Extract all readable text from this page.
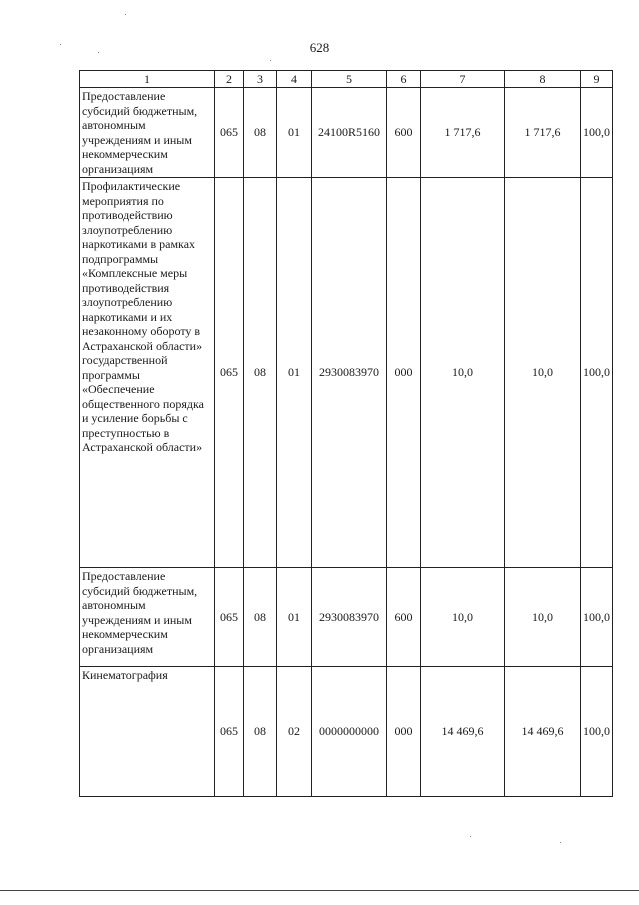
628
1	2	3	4	5	6	7	8	9
Предоставление субсидий бюджетным, автономным учреждениям и иным некоммерческим организациям	065	08	01	24100R5160	600	1 717,6	1 717,6	100,0
Профилактические мероприятия по противодействию злоупотреблению наркотиками в рамках подпрограммы «Комплексные меры противодействия злоупотреблению наркотиками и их незаконному обороту в Астраханской области» государственной программы «Обеспечение общественного порядка и усиление борьбы с преступностью в Астраханской области»	065	08	01	2930083970	000	10,0	10,0	100,0
Предоставление субсидий бюджетным, автономным учреждениям и иным некоммерческим организациям	065	08	01	2930083970	600	10,0	10,0	100,0
Кинематография	065	08	02	0000000000	000	14 469,6	14 469,6	100,0
